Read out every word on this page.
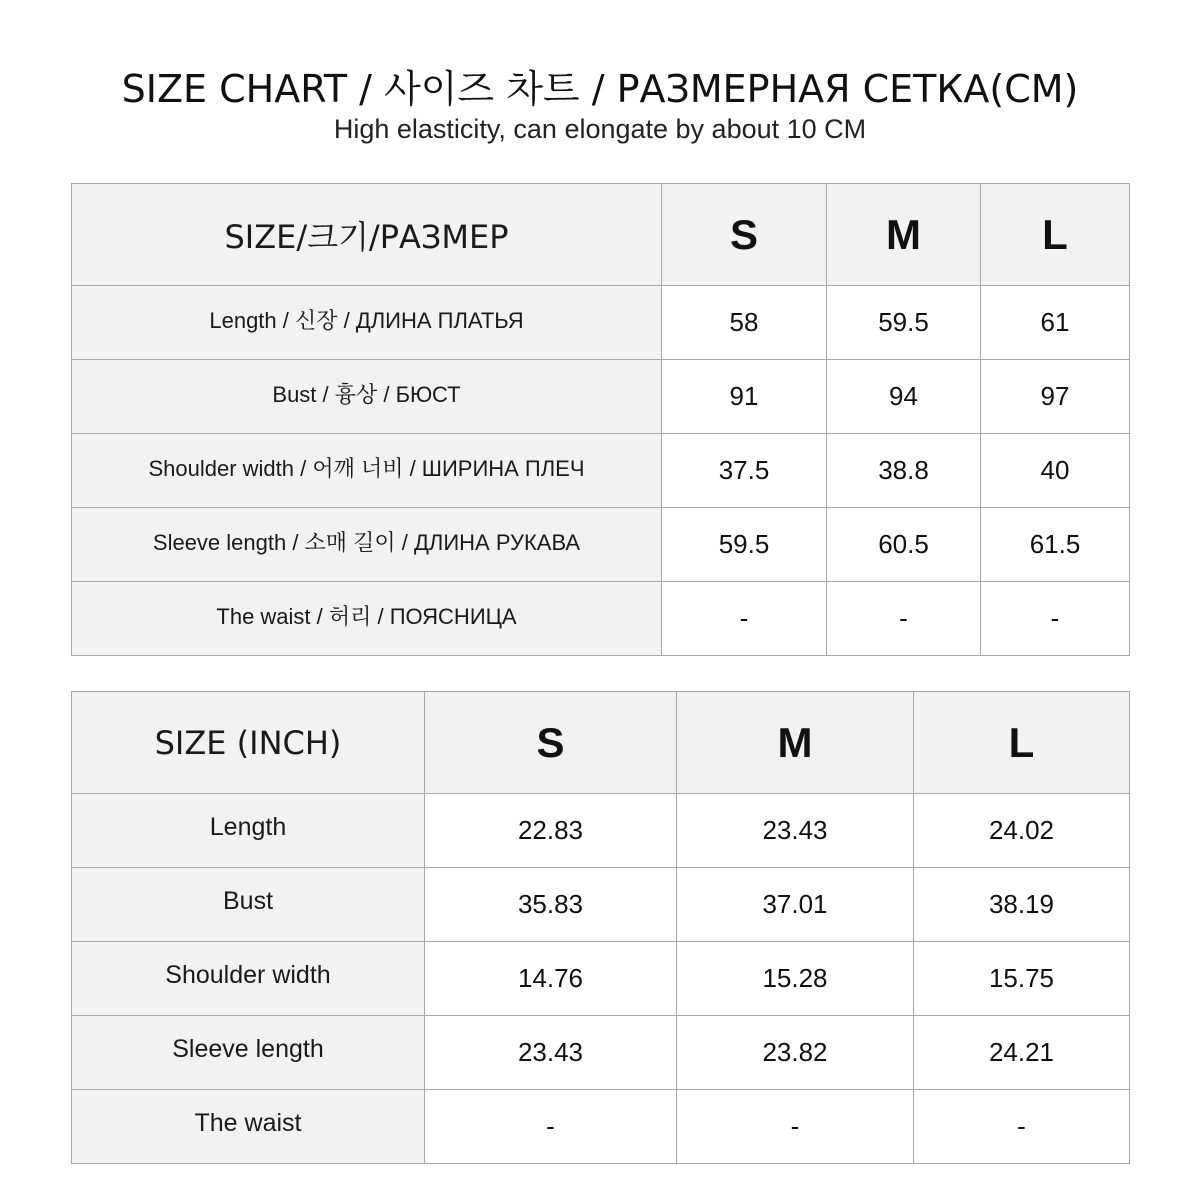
SIZE CHART / 사이즈 차트 / РАЗМЕРНАЯ СЕТКА(CM)
High elasticity, can elongate by about 10 CM
SIZE/크기/РАЗМЕР	S	M	L
Length / 신장 / ДЛИНА ПЛАТЬЯ	58	59.5	61
Bust / 흉상 / БЮСТ	91	94	97
Shoulder width / 어깨 너비 / ШИРИНА ПЛЕЧ	37.5	38.8	40
Sleeve length / 소매 길이 / ДЛИНА РУКАВА	59.5	60.5	61.5
The waist / 허리 / ПОЯСНИЦА	-	-	-
SIZE (INCH)	S	M	L
Length	22.83	23.43	24.02
Bust	35.83	37.01	38.19
Shoulder width	14.76	15.28	15.75
Sleeve length	23.43	23.82	24.21
The waist	-	-	-
